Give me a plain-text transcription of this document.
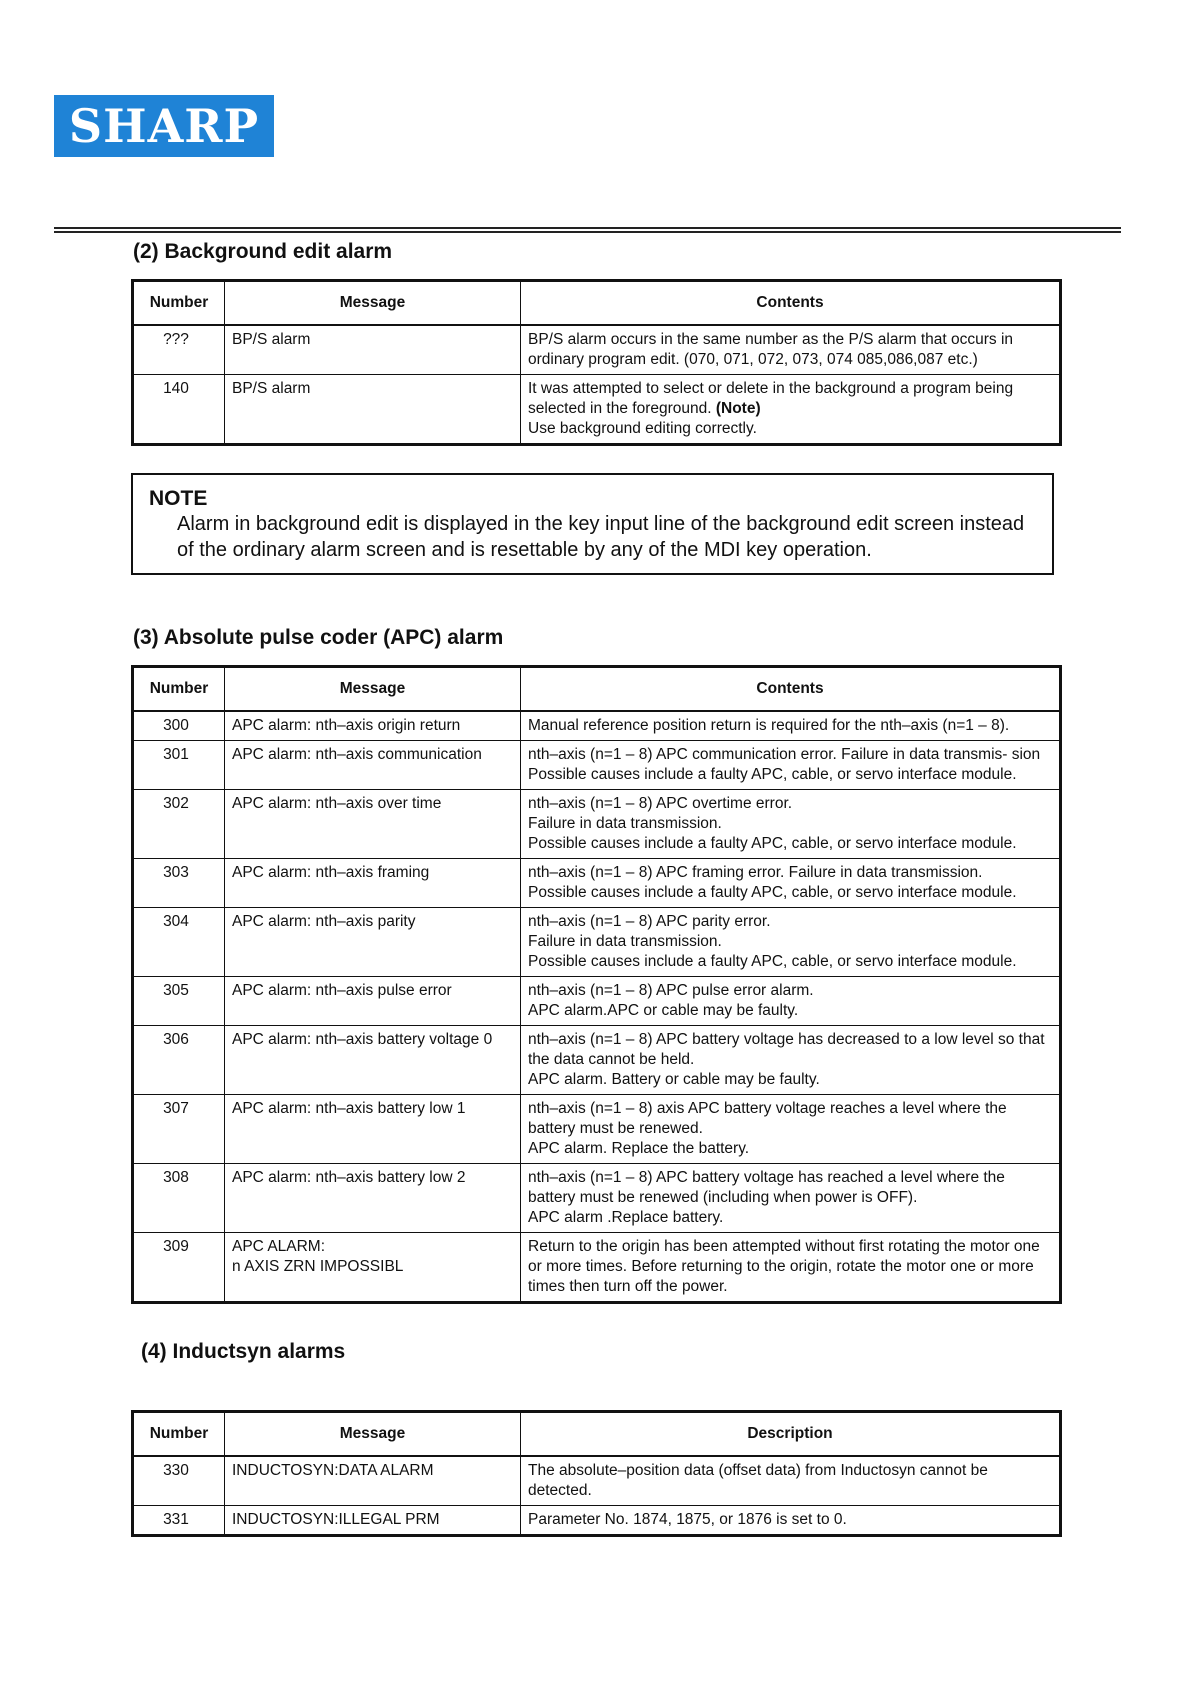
SHARP
(2) Background edit alarm
Number	Message	Contents
???	BP/S alarm	BP/S alarm occurs in the same number as the P/S alarm that occurs in ordinary program edit. (070, 071, 072, 073, 074 085,086,087 etc.)

140	BP/S alarm	It was attempted to select or delete in the background a program being selected in the foreground. (Note)
Use background editing correctly.
NOTE
Alarm in background edit is displayed in the key input line of the background edit screen instead of the ordinary alarm screen and is resettable by any of the MDI key operation.
(3) Absolute pulse coder (APC) alarm
Number	Message	Contents
300	APC alarm: nth–axis origin return	Manual reference position return is required for the nth–axis (n=1 – 8).

301	APC alarm: nth–axis communication	nth–axis (n=1 – 8) APC communication error. Failure in data transmis- sion
Possible causes include a faulty APC, cable, or servo interface module.

302	APC alarm: nth–axis over time	nth–axis (n=1 – 8) APC overtime error.
Failure in data transmission.
Possible causes include a faulty APC, cable, or servo interface module.

303	APC alarm: nth–axis framing	nth–axis (n=1 – 8) APC framing error. Failure in data transmission.
Possible causes include a faulty APC, cable, or servo interface module.

304	APC alarm: nth–axis parity	nth–axis (n=1 – 8) APC parity error.
Failure in data transmission.
Possible causes include a faulty APC, cable, or servo interface module.

305	APC alarm: nth–axis pulse error	nth–axis (n=1 – 8) APC pulse error alarm.
APC alarm.APC or cable may be faulty.

306	APC alarm: nth–axis battery voltage 0	nth–axis (n=1 – 8) APC battery voltage has decreased to a low level so that the data cannot be held.
APC alarm. Battery or cable may be faulty.

307	APC alarm: nth–axis battery low 1	nth–axis (n=1 – 8) axis APC battery voltage reaches a level where the battery must be renewed.
APC alarm. Replace the battery.

308	APC alarm: nth–axis battery low 2	nth–axis (n=1 – 8) APC battery voltage has reached a level where the battery must be renewed (including when power is OFF).
APC alarm .Replace battery.

309	APC ALARM:
n AXIS ZRN IMPOSSIBL	Return to the origin has been attempted without first rotating the motor one or more times. Before returning to the origin, rotate the motor one or more times then turn off the power.
(4) Inductsyn alarms
Number	Message	Description
330	INDUCTOSYN:DATA ALARM	The absolute–position data (offset data) from Inductosyn cannot be detected.

331	INDUCTOSYN:ILLEGAL PRM	Parameter No. 1874, 1875, or 1876 is set to 0.
